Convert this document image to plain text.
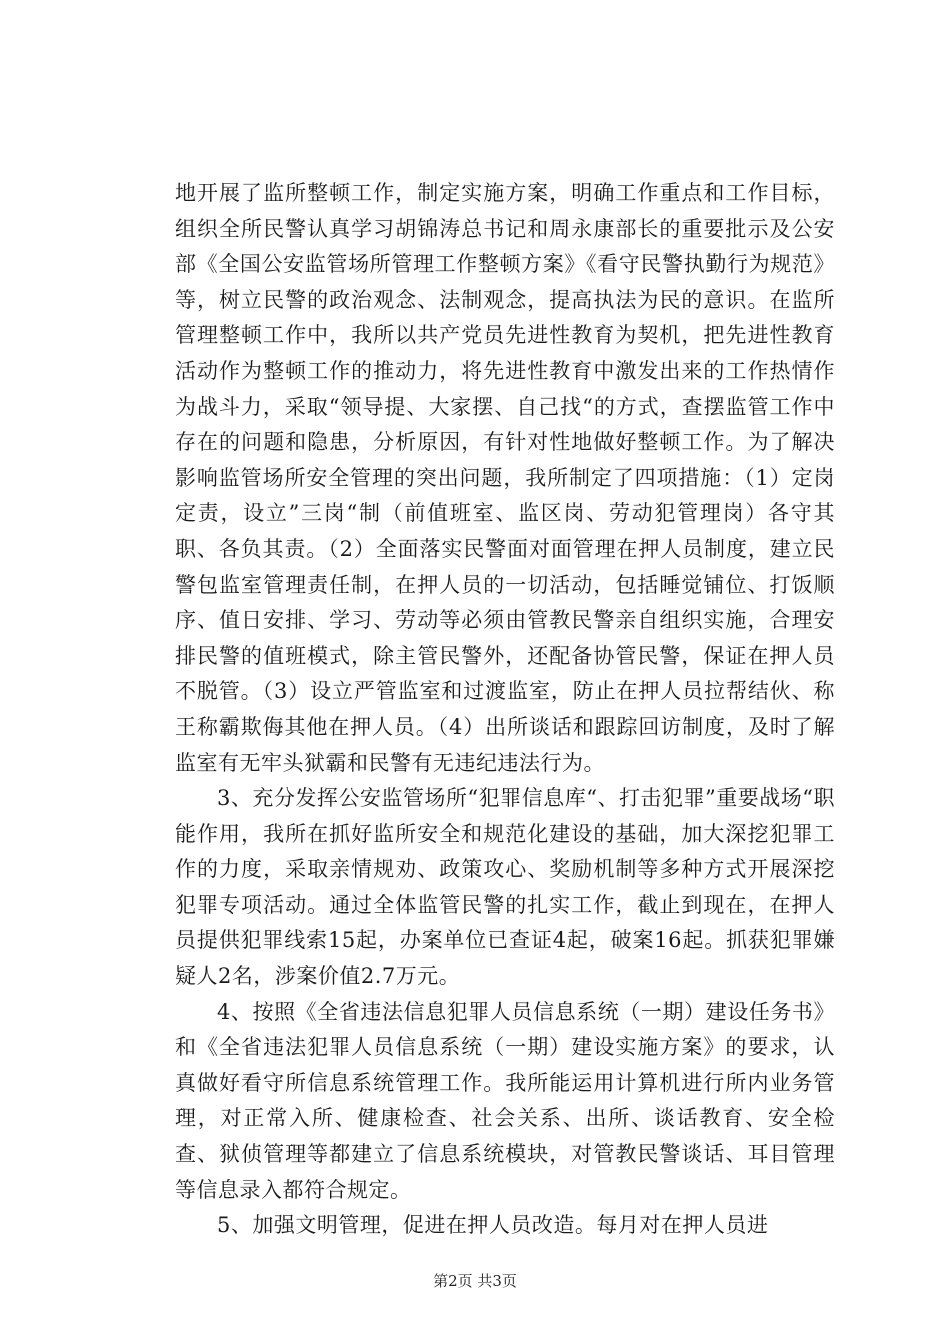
地开展了监所整顿工作，制定实施方案，明确工作重点和工作目标，组织全所民警认真学习胡锦涛总书记和周永康部长的重要批示及公安部《全国公安监管场所管理工作整顿方案》《看守民警执勤行为规范》等，树立民警的政治观念、法制观念，提高执法为民的意识。在监所管理整顿工作中，我所以共产党员先进性教育为契机，把先进性教育活动作为整顿工作的推动力，将先进性教育中激发出来的工作热情作为战斗力，采取“领导提、大家摆、自己找“的方式，查摆监管工作中存在的问题和隐患，分析原因，有针对性地做好整顿工作。为了解决影响监管场所安全管理的突出问题，我所制定了四项措施：（1）定岗定责，设立”三岗“制（前值班室、监区岗、劳动犯管理岗）各守其职、各负其责。（2）全面落实民警面对面管理在押人员制度，建立民警包监室管理责任制，在押人员的一切活动，包括睡觉铺位、打饭顺序、值日安排、学习、劳动等必须由管教民警亲自组织实施，合理安排民警的值班模式，除主管民警外，还配备协管民警，保证在押人员不脱管。（3）设立严管监室和过渡监室，防止在押人员拉帮结伙、称王称霸欺侮其他在押人员。（4）出所谈话和跟踪回访制度，及时了解监室有无牢头狱霸和民警有无违纪违法行为。

3、充分发挥公安监管场所“犯罪信息库“、打击犯罪”重要战场“职能作用，我所在抓好监所安全和规范化建设的基础，加大深挖犯罪工作的力度，采取亲情规劝、政策攻心、奖励机制等多种方式开展深挖犯罪专项活动。通过全体监管民警的扎实工作，截止到现在，在押人员提供犯罪线索15起，办案单位已查证4起，破案16起。抓获犯罪嫌疑人2名，涉案价值2.7万元。

4、按照《全省违法信息犯罪人员信息系统（一期）建设任务书》和《全省违法犯罪人员信息系统（一期）建设实施方案》的要求，认真做好看守所信息系统管理工作。我所能运用计算机进行所内业务管理，对正常入所、健康检查、社会关系、出所、谈话教育、安全检查、狱侦管理等都建立了信息系统模块，对管教民警谈话、耳目管理等信息录入都符合规定。

5、加强文明管理，促进在押人员改造。每月对在押人员进

第2页 共3页
